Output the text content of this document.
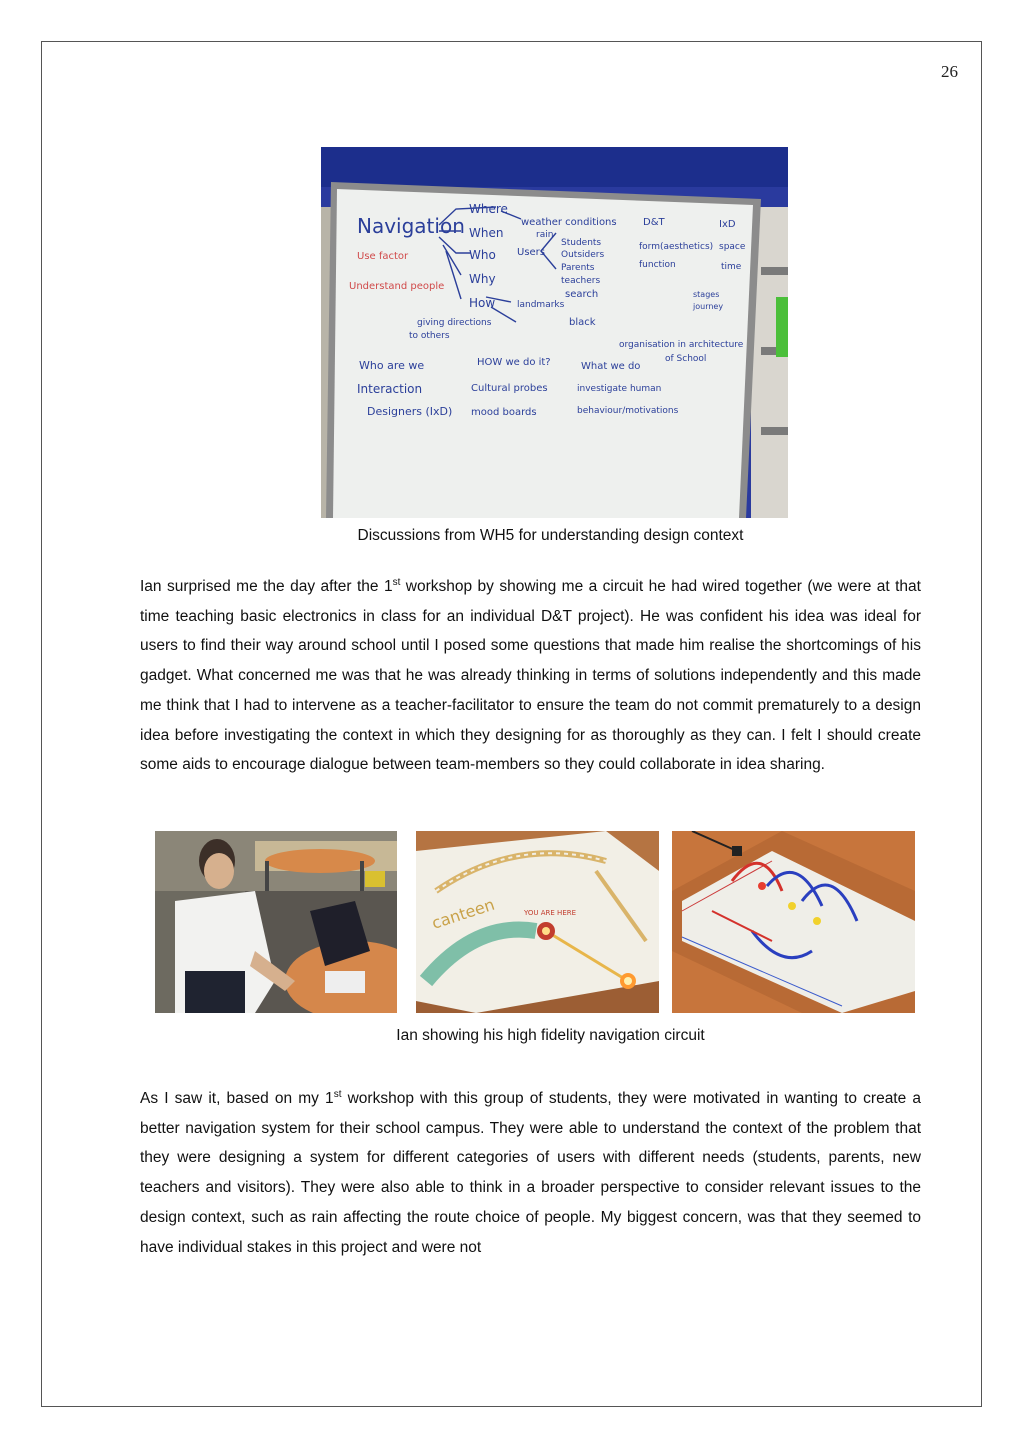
26
Navigation
Where
When
Who
Why
How
weather conditions
rain
Users
Students
Outsiders
Parents
teachers
search
landmarks
black
giving directions
to others
Use factor
Understand people
D&T
form(aesthetics)
function
IxD
space
time
stages
journey
organisation in architecture
of School
Who are we
Interaction
Designers (IxD)
HOW we do it?
Cultural probes
mood boards
What we do
investigate human
behaviour/motivations
Discussions from WH5 for understanding design context

Ian surprised me the day after the 1st workshop by showing me a circuit he had wired together (we were at that time teaching basic electronics in class for an individual D&T project). He was confident his idea was ideal for users to find their way around school until I posed some questions that made him realise the shortcomings of his gadget. What concerned me was that he was already thinking in terms of solutions independently and this made me think that I had to intervene as a teacher-facilitator to ensure the team do not commit prematurely to a design idea before investigating the context in which they designing for as thoroughly as they can. I felt I should create some aids to encourage dialogue between team-members so they could collaborate in idea sharing.

canteen	YOU ARE HERE
Ian showing his high fidelity navigation circuit

As I saw it, based on my 1st workshop with this group of students, they were motivated in wanting to create a better navigation system for their school campus. They were able to understand the context of the problem that they were designing a system for different categories of users with different needs (students, parents, new teachers and visitors). They were also able to think in a broader perspective to consider relevant issues to the design context, such as rain affecting the route choice of people. My biggest concern, was that they seemed to have individual stakes in this project and were not
